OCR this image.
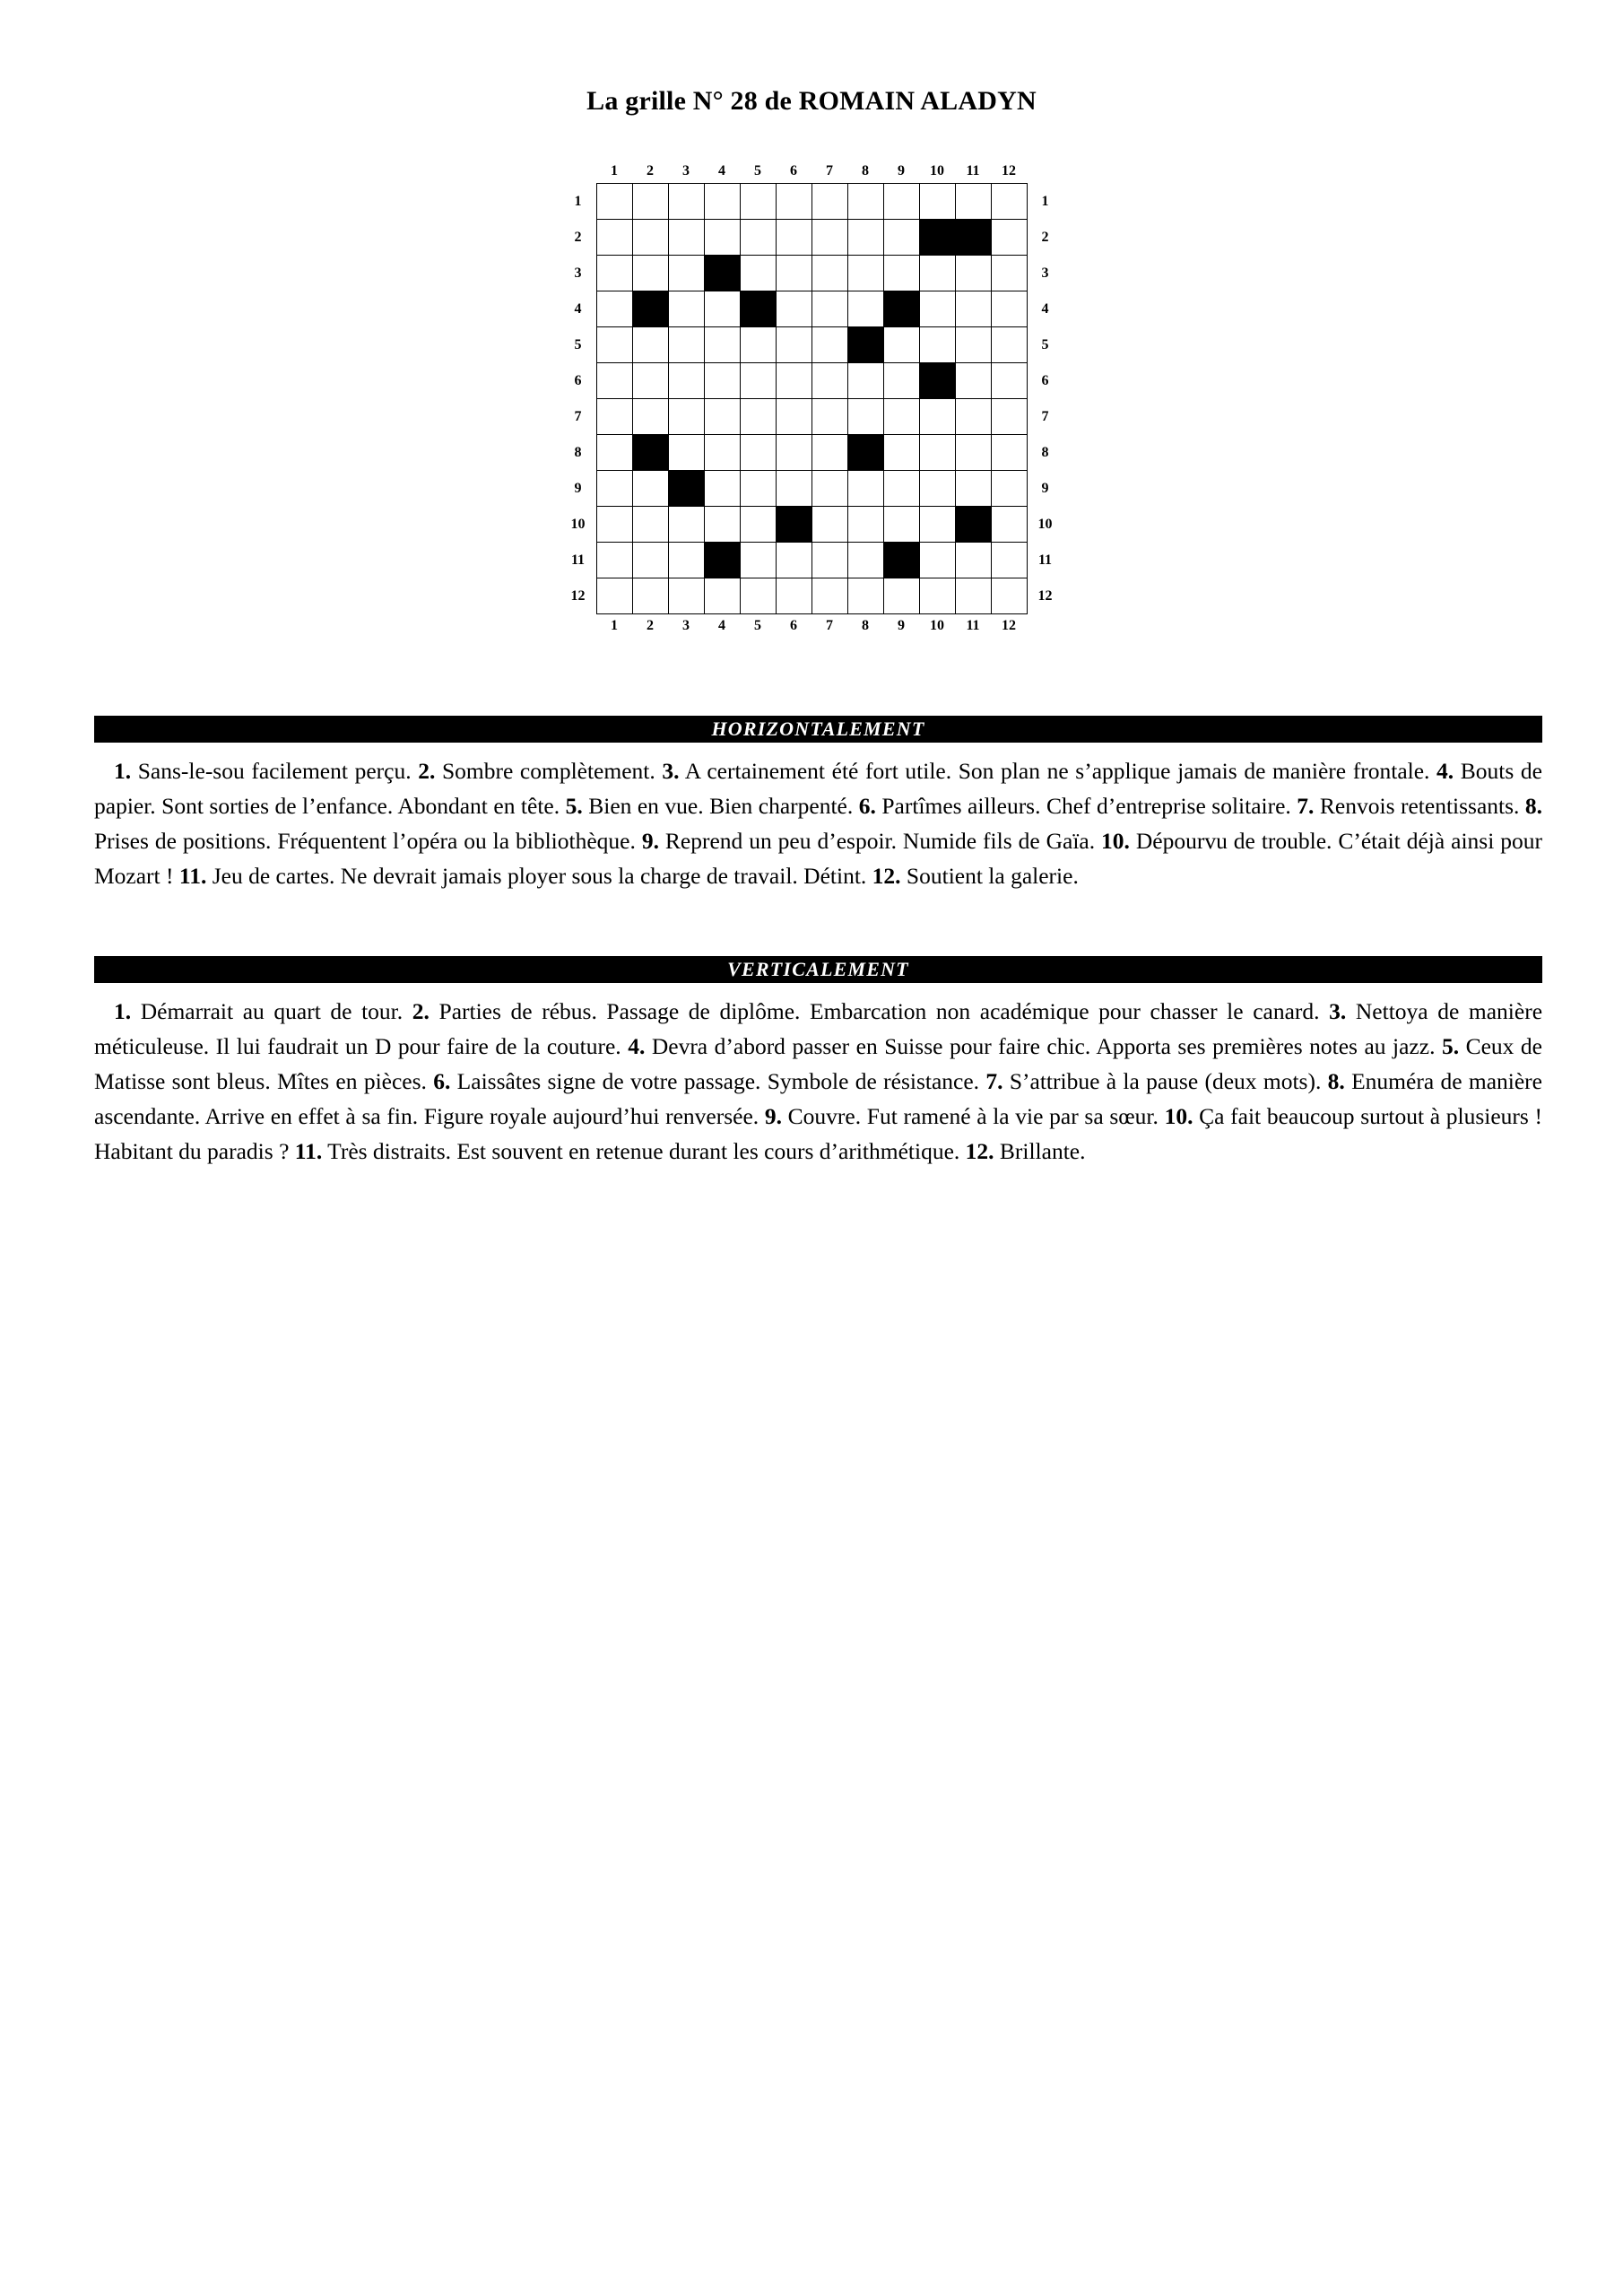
La grille N° 28 de ROMAIN ALADYN
	1	2	3	4	5	6	7	8	9	10	11	12	
1													1
2													2
3													3
4													4
5													5
6													6
7													7
8													8
9													9
10													10
11													11
12													12
	1	2	3	4	5	6	7	8	9	10	11	12	
HORIZONTALEMENT
1. Sans-le-sou facilement perçu. 2. Sombre complètement. 3. A certainement été fort utile. Son plan ne s’applique jamais de manière frontale. 4. Bouts de papier. Sont sorties de l’enfance. Abondant en tête. 5. Bien en vue. Bien charpenté. 6. Partîmes ailleurs. Chef d’entreprise solitaire. 7. Renvois retentissants. 8. Prises de positions. Fréquentent l’opéra ou la bibliothèque. 9. Reprend un peu d’espoir. Numide fils de Gaïa. 10. Dépourvu de trouble. C’était déjà ainsi pour Mozart ! 11. Jeu de cartes. Ne devrait jamais ployer sous la charge de travail. Détint. 12. Soutient la galerie.
VERTICALEMENT
1. Démarrait au quart de tour. 2. Parties de rébus. Passage de diplôme. Embarcation non académique pour chasser le canard. 3. Nettoya de manière méticuleuse. Il lui faudrait un D pour faire de la couture. 4. Devra d’abord passer en Suisse pour faire chic. Apporta ses premières notes au jazz. 5. Ceux de Matisse sont bleus. Mîtes en pièces. 6. Laissâtes signe de votre passage. Symbole de résistance. 7. S’attribue à la pause (deux mots). 8. Enuméra de manière ascendante. Arrive en effet à sa fin. Figure royale aujourd’hui renversée. 9. Couvre. Fut ramené à la vie par sa sœur. 10. Ça fait beaucoup surtout à plusieurs ! Habitant du paradis ? 11. Très distraits. Est souvent en retenue durant les cours d’arithmétique. 12. Brillante.
